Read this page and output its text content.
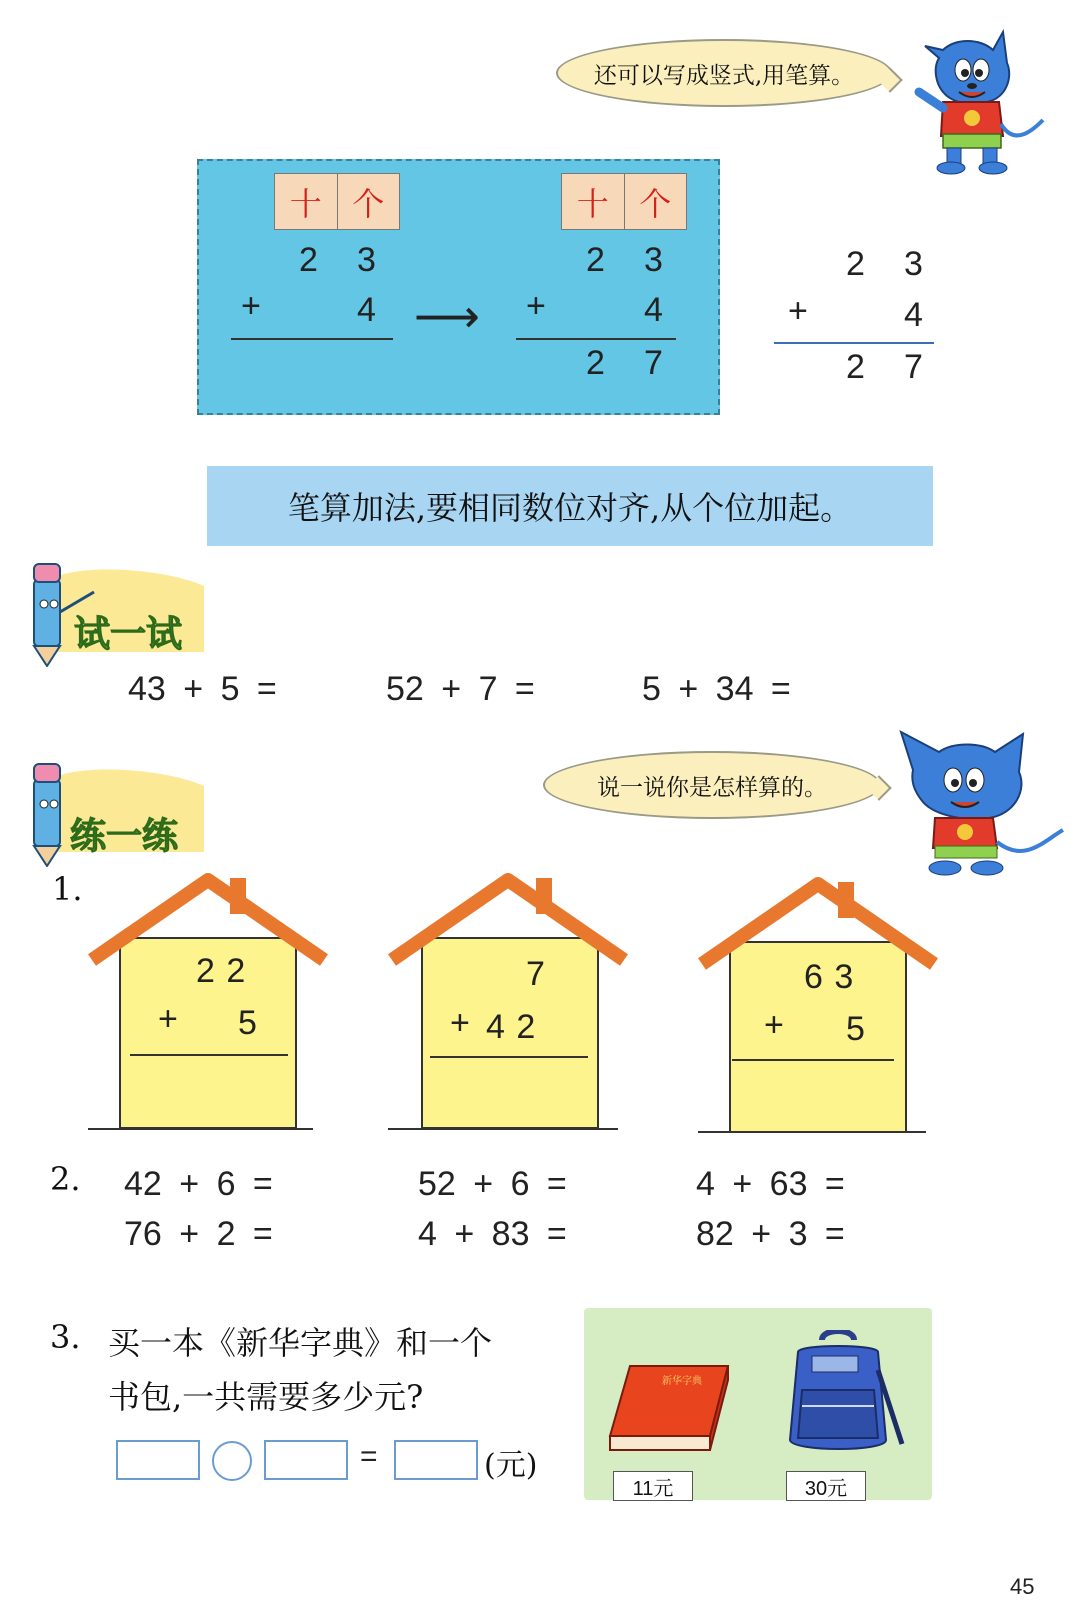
还可以写成竖式,用笔算。
十 个
2 3
+	4 ⟶
十 个
2 3
+	4
2 7
2 3
+	4
2 7
笔算加法,要相同数位对齐,从个位加起。
试一试
43 + 5 =	52 + 7 =	5 + 34 =
练一练
说一说你是怎样算的。
1.
2 2
+ 5
7
+ 4 2
6 3
+ 5
2. 42 + 6 =	52 + 6 =	4 + 63 =
76 + 2 =	4 + 83 =	82 + 3 =
3. 买一本《新华字典》和一个
书包,一共需要多少元?
=	(元)
新华字典
11元	30元
45
